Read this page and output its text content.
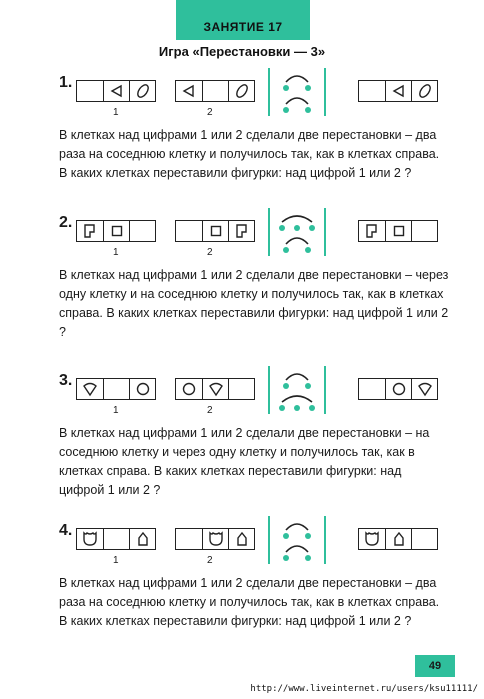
ЗАНЯТИЕ 17
Игра «Перестановки — 3»
1.
1	2
В клетках над цифрами 1 или 2 сделали две перестановки – два раза на соседнюю клетку и получилось так, как в клетках справа. В каких клетках переставили фигурки: над цифрой 1 или 2 ?
2.
1	2
В клетках над цифрами 1 или 2 сделали две перестановки – через одну клетку и на соседнюю клетку и получилось так, как в клетках справа. В каких клетках переставили фигурки: над цифрой 1 или 2 ?
3.
1	2
В клетках над цифрами 1 или 2 сделали две перестановки – на соседнюю клетку и через одну клетку и получилось так, как в клетках справа. В каких клетках переставили фигурки: над цифрой 1 или 2 ?
4.
1	2
В клетках над цифрами 1 или 2 сделали две перестановки – два раза на соседнюю клетку и получилось так, как в клетках справа. В каких клетках переставили фигурки: над цифрой 1 или 2 ?
49
http://www.liveinternet.ru/users/ksu11111/
